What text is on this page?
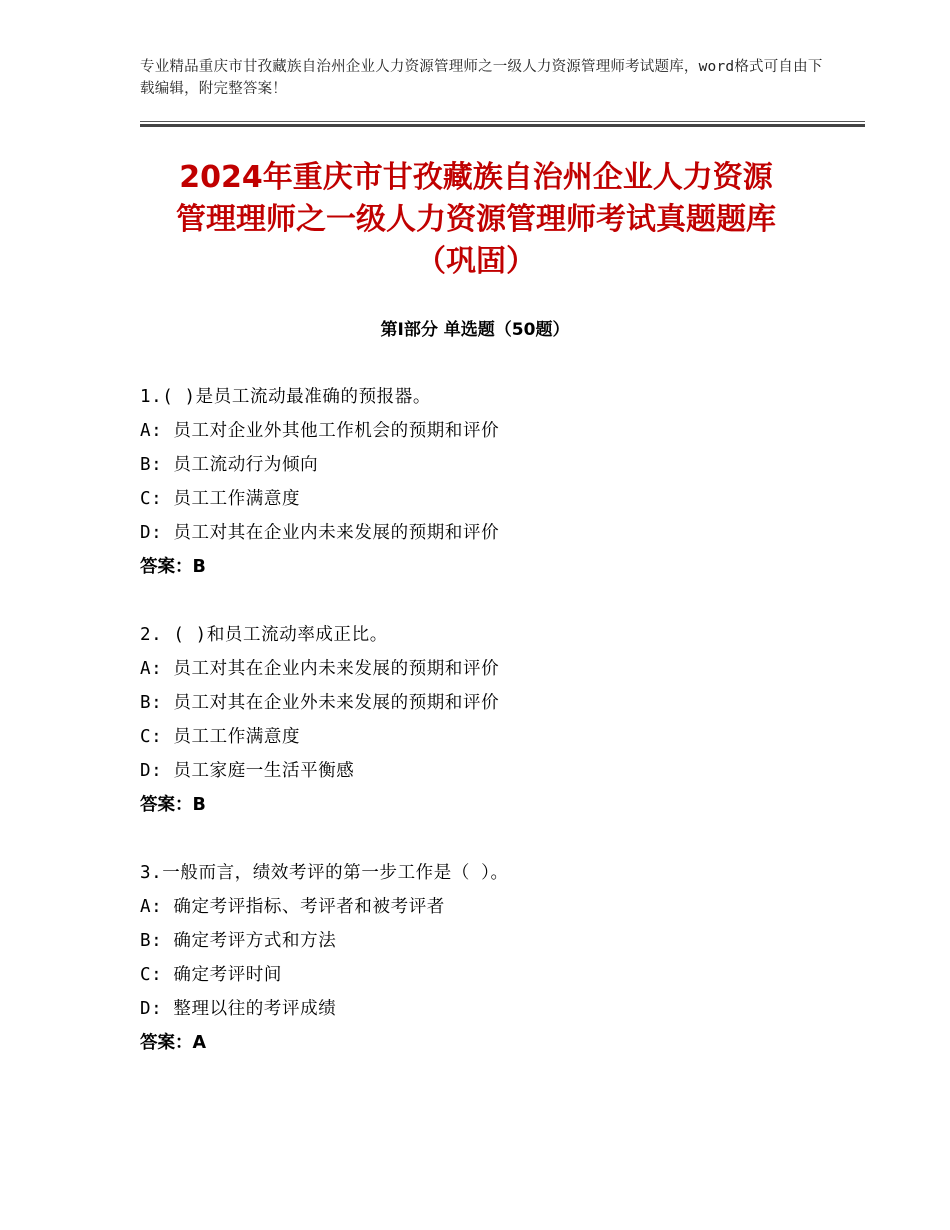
专业精品重庆市甘孜藏族自治州企业人力资源管理师之一级人力资源管理师考试题库，word格式可自由下载编辑，附完整答案！
2024年重庆市甘孜藏族自治州企业人力资源
管理理师之一级人力资源管理师考试真题题库
（巩固）
第Ⅰ部分 单选题（50题）
1.( )是员工流动最准确的预报器。
A: 员工对企业外其他工作机会的预期和评价
B: 员工流动行为倾向
C: 员工工作满意度
D: 员工对其在企业内未来发展的预期和评价
答案：B
2. ( )和员工流动率成正比。
A: 员工对其在企业内未来发展的预期和评价
B: 员工对其在企业外未来发展的预期和评价
C: 员工工作满意度
D: 员工家庭一生活平衡感
答案：B
3.一般而言，绩效考评的第一步工作是（ ）。
A: 确定考评指标、考评者和被考评者
B: 确定考评方式和方法
C: 确定考评时间
D: 整理以往的考评成绩
答案：A
